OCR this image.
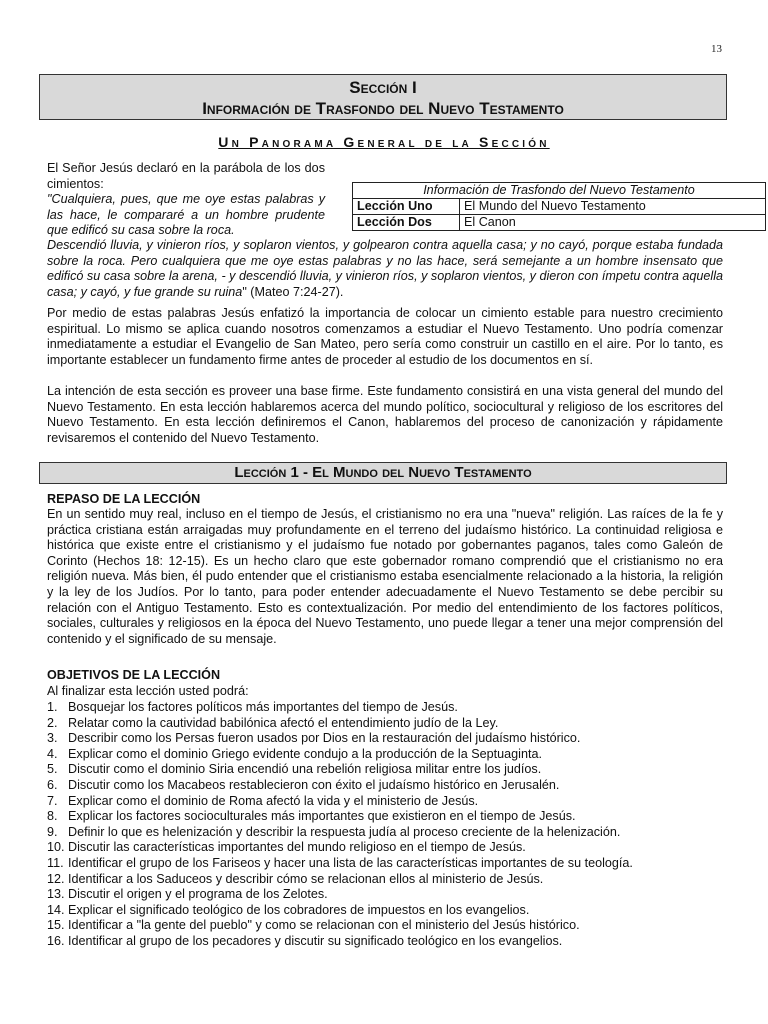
13
Sección I
Información de Trasfondo del Nuevo Testamento
Un Panorama General de la Sección
El Señor Jesús declaró en la parábola de los dos cimientos:
"Cualquiera, pues, que me oye estas palabras y las hace, le compararé a un hombre prudente que edificó su casa sobre la roca.
Información de Trasfondo del Nuevo Testamento	
Lección Uno	El Mundo del Nuevo Testamento
Lección Dos	El Canon
Descendió lluvia, y vinieron ríos, y soplaron vientos, y golpearon contra aquella casa; y no cayó, porque estaba fundada sobre la roca. Pero cualquiera que me oye estas palabras y no las hace, será semejante a un hombre insensato que edificó su casa sobre la arena, - y descendió lluvia, y vinieron ríos, y soplaron vientos, y dieron con ímpetu contra aquella casa; y cayó, y fue grande su ruina" (Mateo 7:24-27).

Por medio de estas palabras Jesús enfatizó la importancia de colocar un cimiento estable para nuestro crecimiento espiritual. Lo mismo se aplica cuando nosotros comenzamos a estudiar el Nuevo Testamento. Uno podría comenzar inmediatamente a estudiar el Evangelio de San Mateo, pero sería como construir un castillo en el aire. Por lo tanto, es importante establecer un fundamento firme antes de proceder al estudio de los documentos en sí.

La intención de esta sección es proveer una base firme. Este fundamento consistirá en una vista general del mundo del Nuevo Testamento. En esta lección hablaremos acerca del mundo político, sociocultural y religioso de los escritores del Nuevo Testamento. En esta lección definiremos el Canon, hablaremos del proceso de canonización y rápidamente revisaremos el contenido del Nuevo Testamento.

Lección 1 - El Mundo del Nuevo Testamento
REPASO DE LA LECCIÓN

En un sentido muy real, incluso en el tiempo de Jesús, el cristianismo no era una "nueva" religión. Las raíces de la fe y práctica cristiana están arraigadas muy profundamente en el terreno del judaísmo histórico. La continuidad religiosa e histórica que existe entre el cristianismo y el judaísmo fue notado por gobernantes paganos, tales como Galeón de Corinto (Hechos 18: 12-15). Es un hecho claro que este gobernador romano comprendió que el cristianismo no era religión nueva. Más bien, él pudo entender que el cristianismo estaba esencialmente relacionado a la historia, la religión y la ley de los Judíos. Por lo tanto, para poder entender adecuadamente el Nuevo Testamento se debe percibir su relación con el Antiguo Testamento. Esto es contextualización. Por medio del entendimiento de los factores políticos, sociales, culturales y religiosos en la época del Nuevo Testamento, uno puede llegar a tener una mejor comprensión del contenido y el significado de su mensaje.

OBJETIVOS DE LA LECCIÓN
Al finalizar esta lección usted podrá:
1. Bosquejar los factores políticos más importantes del tiempo de Jesús.
2. Relatar como la cautividad babilónica afectó el entendimiento judío de la Ley.
3. Describir como los Persas fueron usados por Dios en la restauración del judaísmo histórico.
4. Explicar como el dominio Griego evidente condujo a la producción de la Septuaginta.
5. Discutir como el dominio Siria encendió una rebelión religiosa militar entre los judíos.
6. Discutir como los Macabeos restablecieron con éxito el judaísmo histórico en Jerusalén.
7. Explicar como el dominio de Roma afectó la vida y el ministerio de Jesús.
8. Explicar los factores socioculturales más importantes que existieron en el tiempo de Jesús.
9. Definir lo que es helenización y describir la respuesta judía al proceso creciente de la helenización.
10. Discutir las características importantes del mundo religioso en el tiempo de Jesús.
11. Identificar el grupo de los Fariseos y hacer una lista de las características importantes de su teología.
12. Identificar a los Saduceos y describir cómo se relacionan ellos al ministerio de Jesús.
13. Discutir el origen y el programa de los Zelotes.
14. Explicar el significado teológico de los cobradores de impuestos en los evangelios.
15. Identificar a "la gente del pueblo" y como se relacionan con el ministerio del Jesús histórico.
16. Identificar al grupo de los pecadores y discutir su significado teológico en los evangelios.
